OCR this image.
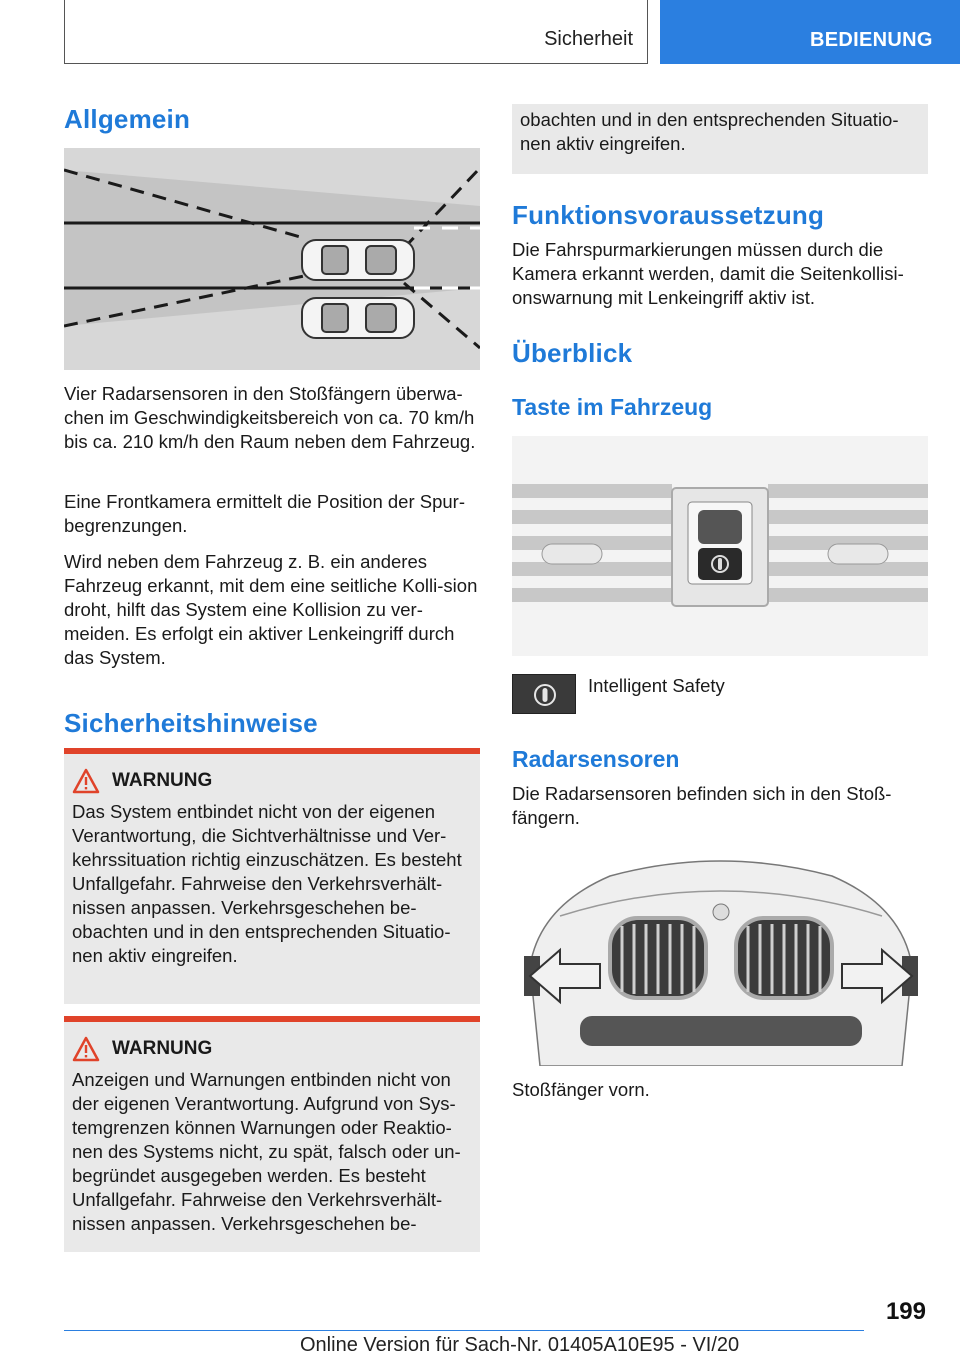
Sicherheit	BEDIENUNG
Allgemein

Vier Radarsensoren in den Stoßfängern überwa-chen im Geschwindigkeitsbereich von ca. 70 km/h bis ca. 210 km/h den Raum neben dem Fahrzeug.

Eine Frontkamera ermittelt die Position der Spur-begrenzungen.

Wird neben dem Fahrzeug z. B. ein anderes Fahrzeug erkannt, mit dem eine seitliche Kolli-sion droht, hilft das System eine Kollision zu ver-meiden. Es erfolgt ein aktiver Lenkeingriff durch das System.

Sicherheitshinweise
WARNUNG
Das System entbindet nicht von der eigenen Verantwortung, die Sichtverhältnisse und Ver-kehrssituation richtig einzuschätzen. Es besteht Unfallgefahr. Fahrweise den Verkehrsverhält-nissen anpassen. Verkehrsgeschehen be-obachten und in den entsprechenden Situatio-nen aktiv eingreifen.
WARNUNG
Anzeigen und Warnungen entbinden nicht von der eigenen Verantwortung. Aufgrund von Sys-temgrenzen können Warnungen oder Reaktio-nen des Systems nicht, zu spät, falsch oder un-begründet ausgegeben werden. Es besteht Unfallgefahr. Fahrweise den Verkehrsverhält-nissen anpassen. Verkehrsgeschehen be-
obachten und in den entsprechenden Situatio-nen aktiv eingreifen.
Funktionsvoraussetzung

Die Fahrspurmarkierungen müssen durch die Kamera erkannt werden, damit die Seitenkollisi-onswarnung mit Lenkeingriff aktiv ist.

Überblick
Taste im Fahrzeug

Intelligent Safety

Radarsensoren

Die Radarsensoren befinden sich in den Stoß-fängern.

Stoßfänger vorn.

199
Online Version für Sach-Nr. 01405A10E95 - VI/20
